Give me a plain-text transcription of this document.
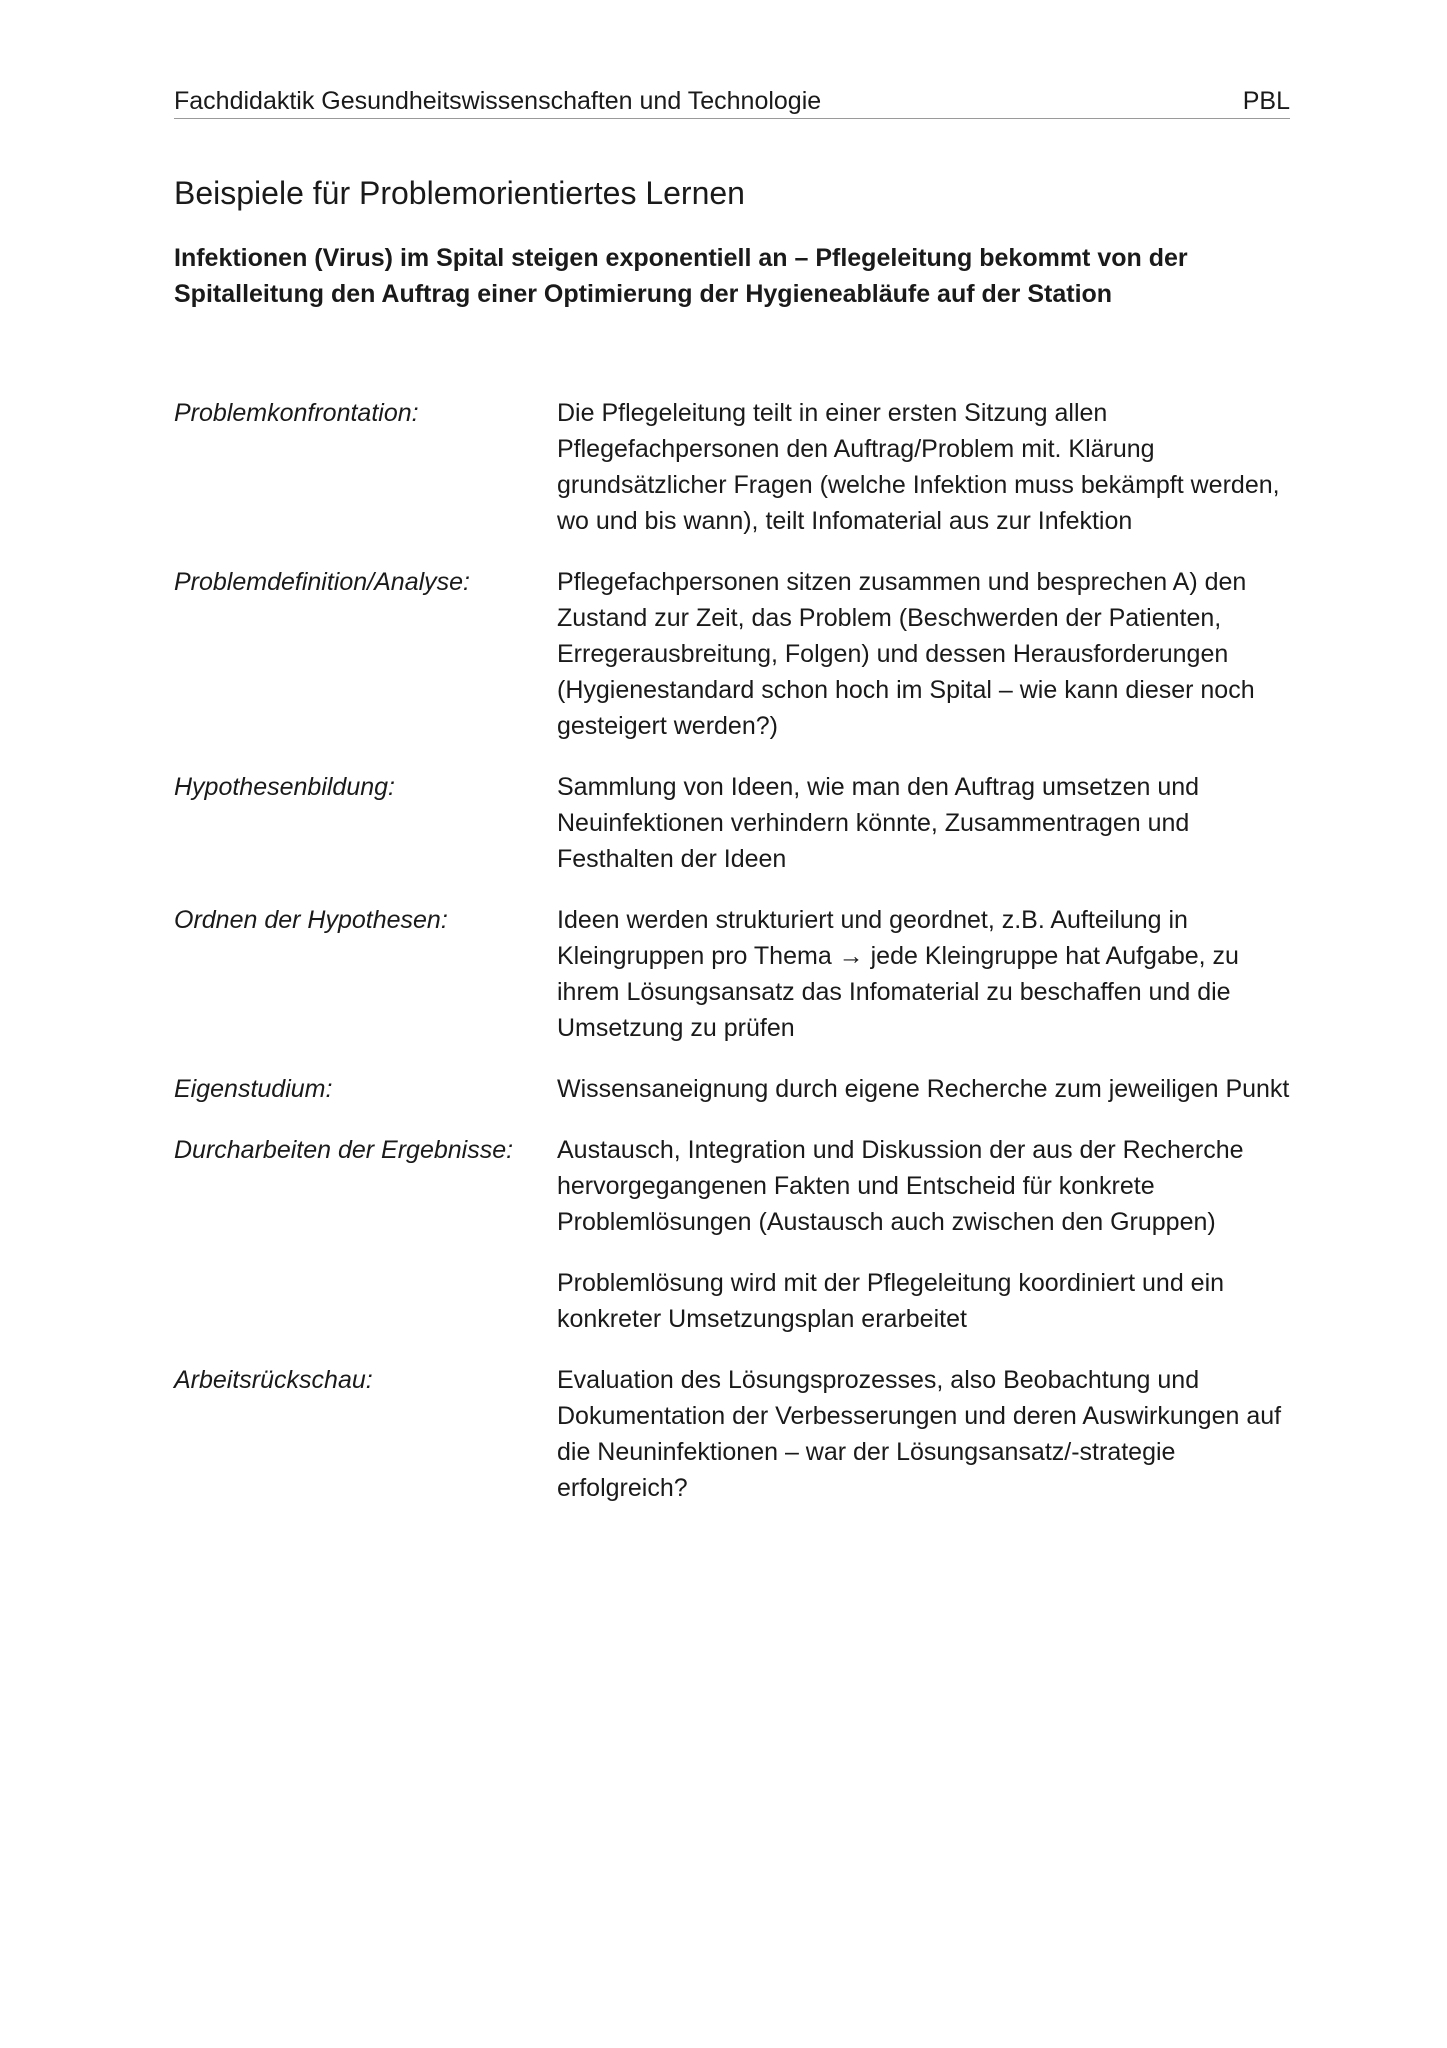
Fachdidaktik Gesundheitswissenschaften und Technologie	PBL
Beispiele für Problemorientiertes Lernen
Infektionen (Virus) im Spital steigen exponentiell an – Pflegeleitung bekommt von der Spitalleitung den Auftrag einer Optimierung der Hygieneabläufe auf der Station
Problemkonfrontation:	Die Pflegeleitung teilt in einer ersten Sitzung allen Pflegefachpersonen den Auftrag/Problem mit. Klärung grundsätzlicher Fragen (welche Infektion muss bekämpft werden, wo und bis wann), teilt Infomaterial aus zur Infektion
Problemdefinition/Analyse:	Pflegefachpersonen sitzen zusammen und besprechen A) den Zustand zur Zeit, das Problem (Beschwerden der Patienten, Erregerausbreitung, Folgen) und dessen Herausforderungen (Hygienestandard schon hoch im Spital – wie kann dieser noch gesteigert werden?)
Hypothesenbildung:	Sammlung von Ideen, wie man den Auftrag umsetzen und Neuinfektionen verhindern könnte, Zusammentragen und Festhalten der Ideen
Ordnen der Hypothesen:	Ideen werden strukturiert und geordnet, z.B. Aufteilung in Kleingruppen pro Thema → jede Kleingruppe hat Aufgabe, zu ihrem Lösungsansatz das Infomaterial zu beschaffen und die Umsetzung zu prüfen
Eigenstudium:	Wissensaneignung durch eigene Recherche zum jeweiligen Punkt
Durcharbeiten der Ergebnisse: Austausch, Integration und Diskussion der aus der Recherche hervorgegangenen Fakten und Entscheid für konkrete Problemlösungen (Austausch auch zwischen den Gruppen)
Problemlösung wird mit der Pflegeleitung koordiniert und ein konkreter Umsetzungsplan erarbeitet
Arbeitsrückschau:	Evaluation des Lösungsprozesses, also Beobachtung und Dokumentation der Verbesserungen und deren Auswirkungen auf die Neuninfektionen – war der Lösungsansatz/-strategie erfolgreich?
